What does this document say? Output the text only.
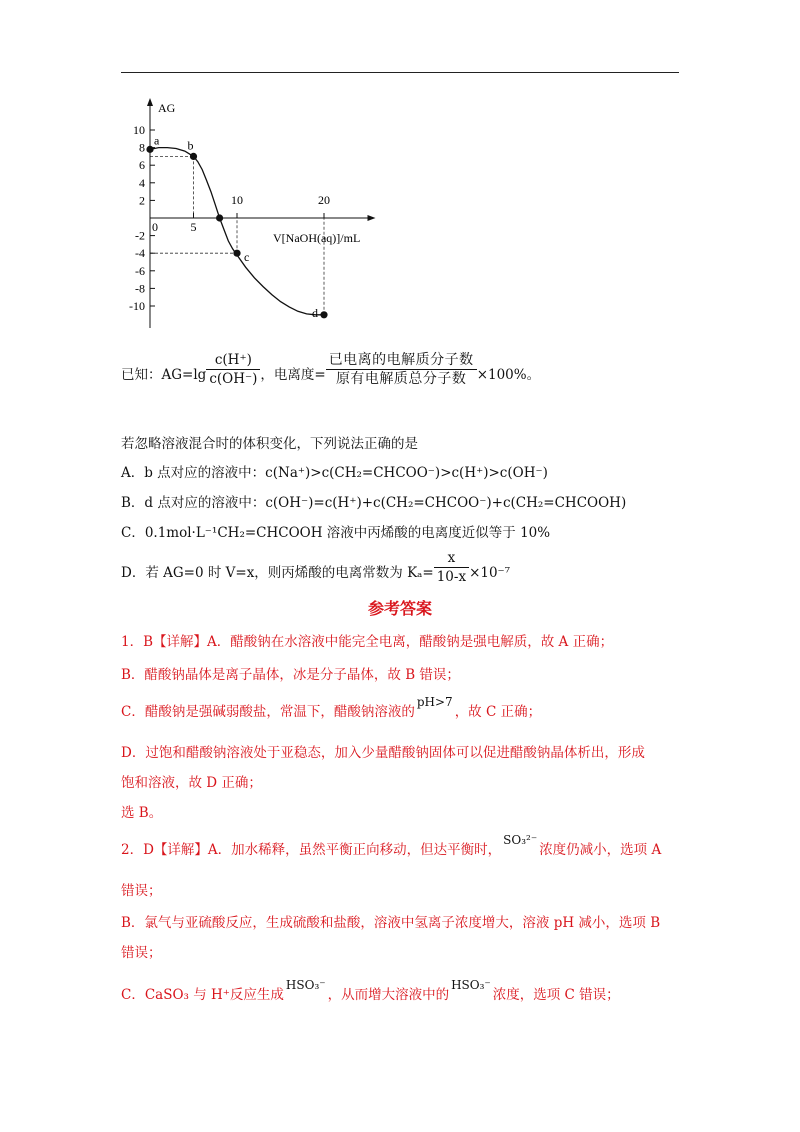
10
8
6
4
2
-2
-4
-6
-8
-10
0	5
10	20
a b
c
d
AG
V[NaOH(aq)]/mL
已知：$AG=\lg \frac{c(H^+)}{c(OH^-)}$ ，电离度= $\frac{\text{已电离的电解质分子数}}{\text{原有电解质总分子数}} \times 100\%$。
若忽略溶液混合时的体积变化，下列说法正确的是
A．b 点对应的溶液中：c(Na⁺)>c(CH₂=CHCOO⁻)>c(H⁺)>c(OH⁻)
B．d 点对应的溶液中：c(OH⁻)=c(H⁺)+c(CH₂=CHCOO⁻)+c(CH₂=CHCOOH)
C．0.1mol·L⁻¹CH₂=CHCOOH 溶液中丙烯酸的电离度近似等于 10%
D．若 AG=0 时 V=x，则丙烯酸的电离常数为 $K_a= \frac{x}{10-x} \times 10^{-7}$
参考答案
1．B【详解】A．醋酸钠在水溶液中能完全电离，醋酸钠是强电解质，故 A 正确；
B．醋酸钠晶体是离子晶体，冰是分子晶体，故 B 错误；
C．醋酸钠是强碱弱酸盐，常温下，醋酸钠溶液的pH>7，故 C 正确；
D．过饱和醋酸钠溶液处于亚稳态，加入少量醋酸钠固体可以促进醋酸钠晶体析出，形成
饱和溶液，故 D 正确；
选 B。
2．D【详解】A．加水稀释，虽然平衡正向移动，但达平衡时，SO₃²⁻浓度仍减小，选项 A
错误；
B．氯气与亚硫酸反应，生成硫酸和盐酸，溶液中氢离子浓度增大，溶液 pH 减小，选项 B
错误；
C．CaSO₃ 与 H⁺反应生成HSO₃⁻，从而增大溶液中的HSO₃⁻浓度，选项 C 错误；
